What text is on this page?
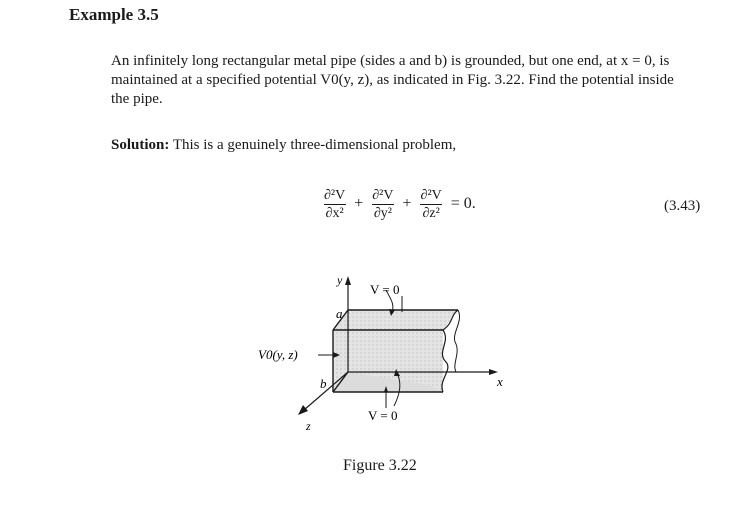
Example 3.5

An infinitely long rectangular metal pipe (sides a and b) is grounded, but one end, at x = 0, is

maintained at a specified potential V0(y, z), as indicated in Fig. 3.22. Find the potential inside

the pipe.

Solution: This is a genuinely three-dimensional problem,
$\frac{\text{∂²V}}{\text{∂x²}} + \frac{\text{∂²V}}{\text{∂y²}} + \frac{\text{∂²V}}{\text{∂z²}} = 0$.	(3.43)
y
x
z
V = 0
V = 0
a
b
V0(y, z)
Figure 3.22
